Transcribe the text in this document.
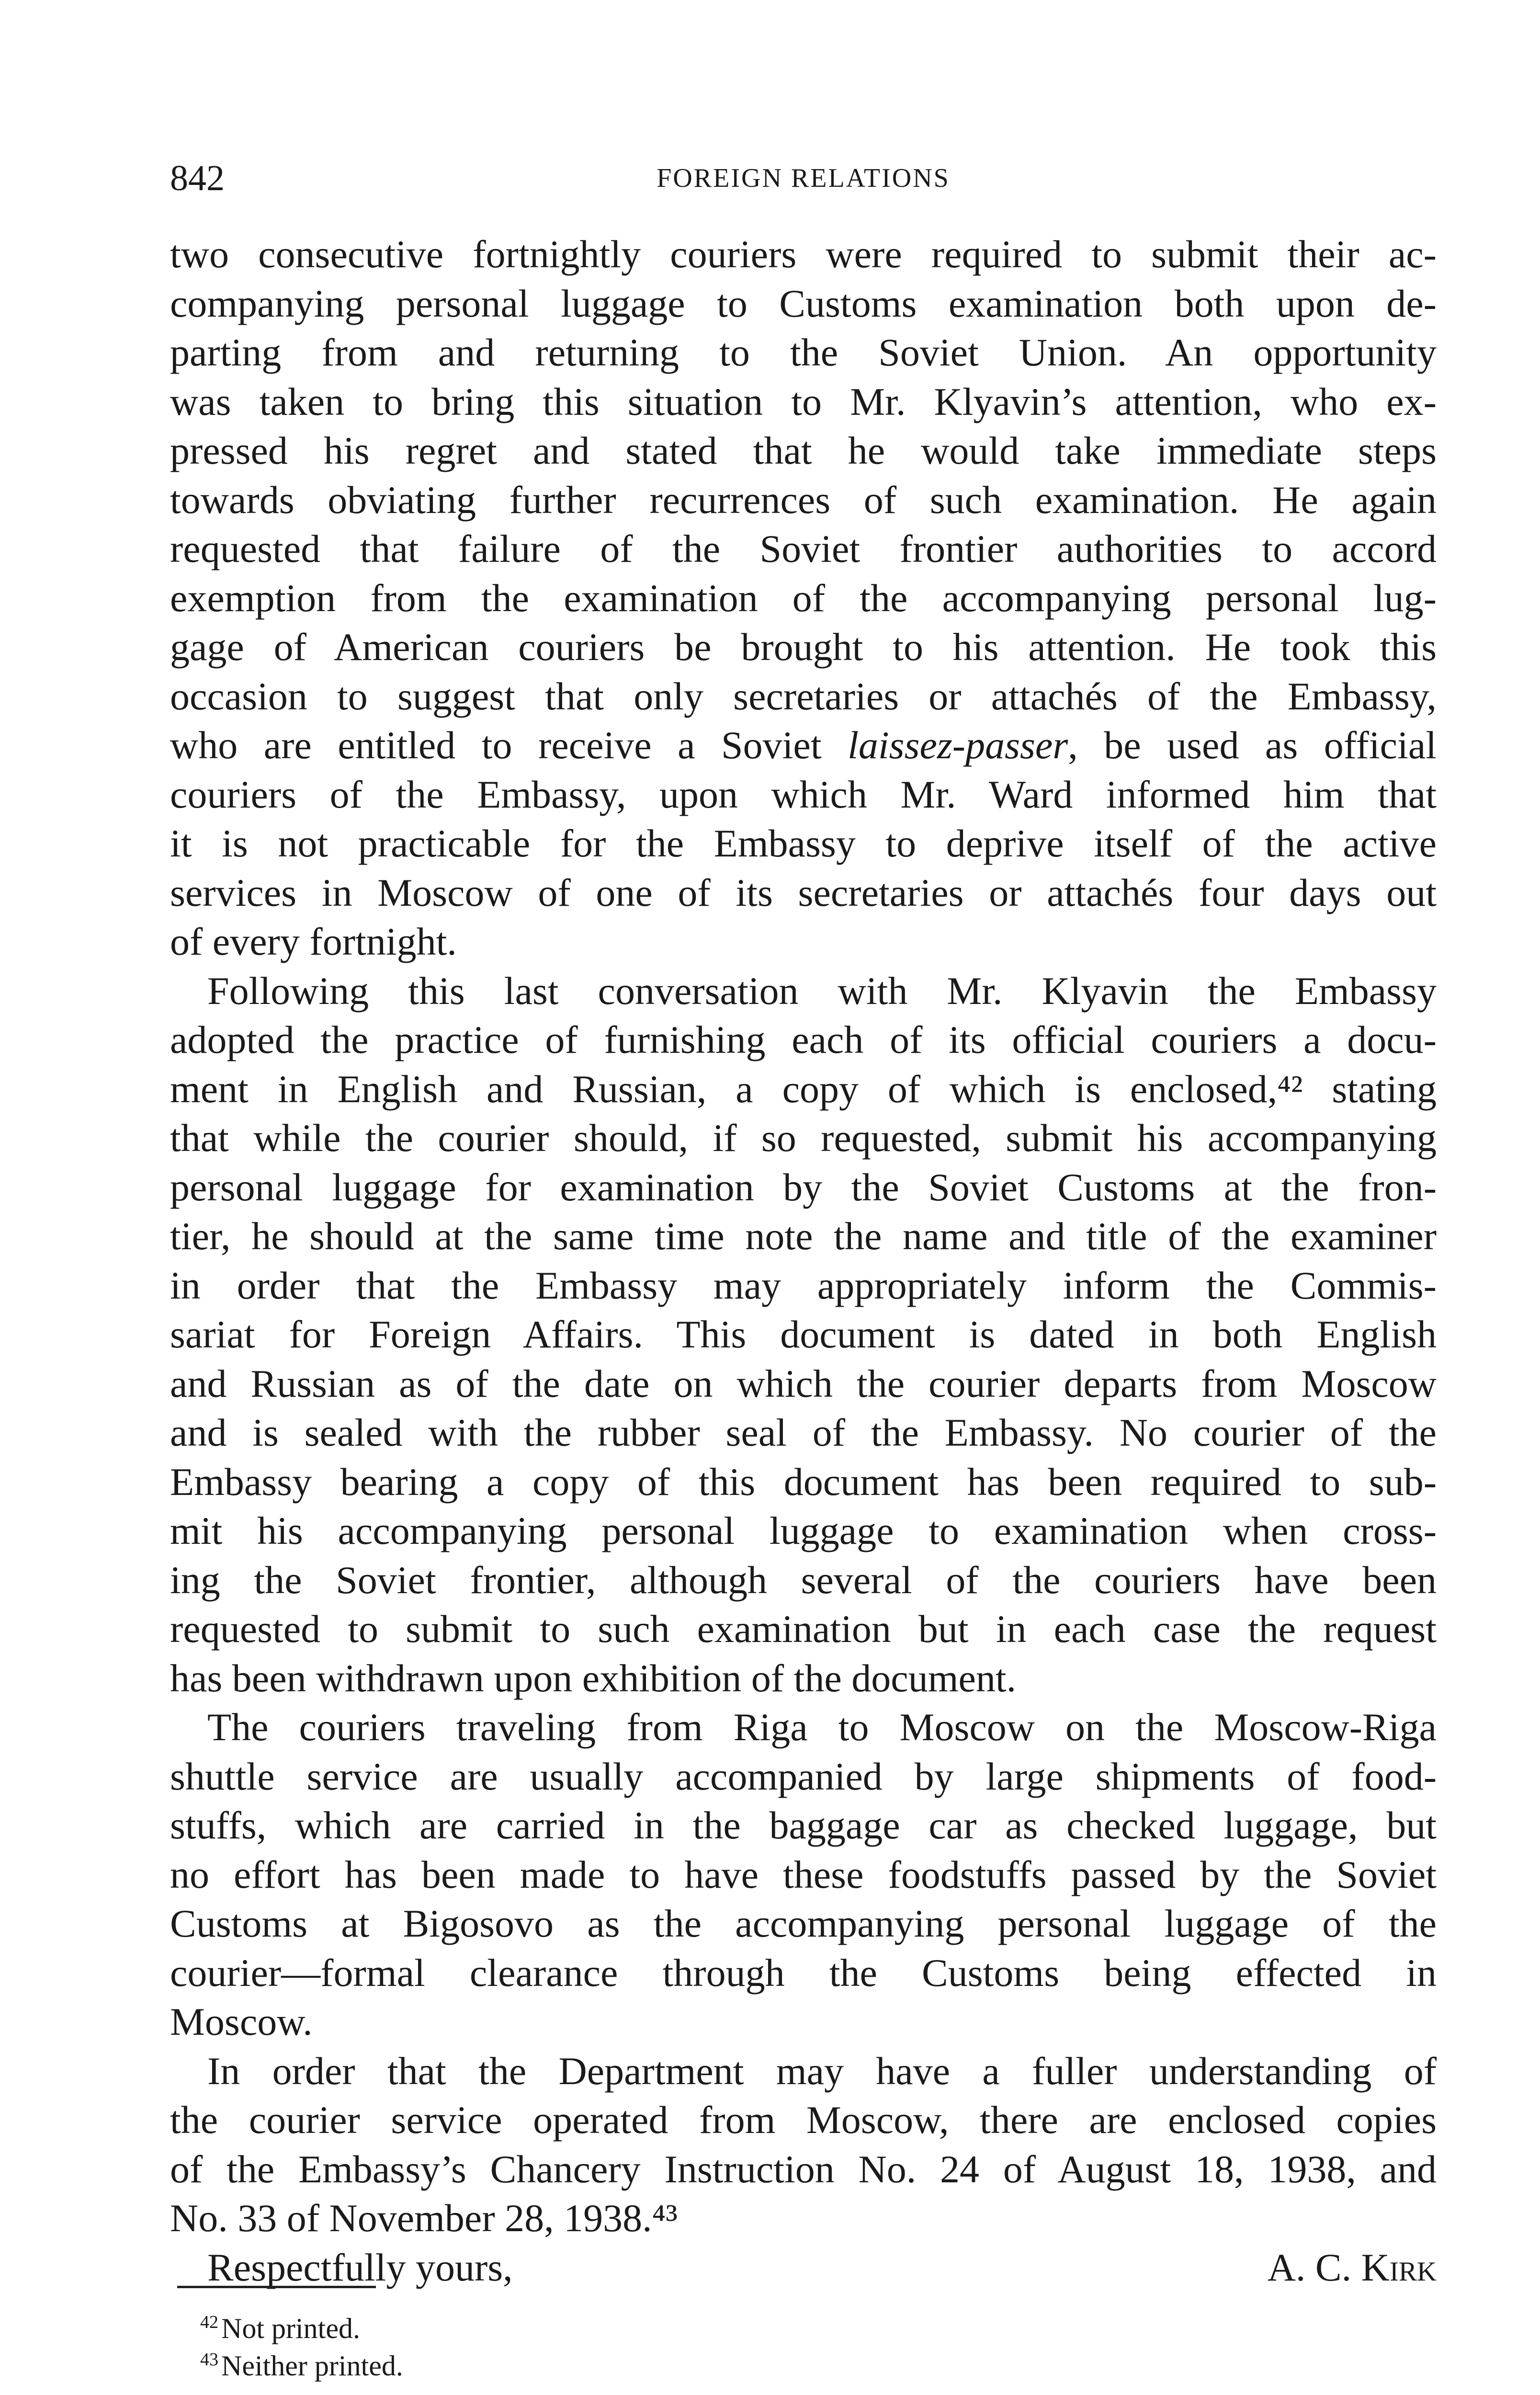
842	FOREIGN RELATIONS
two consecutive fortnightly couriers were required to submit their ac-
companying personal luggage to Customs examination both upon de-
parting from and returning to the Soviet Union. An opportunity
was taken to bring this situation to Mr. Klyavin’s attention, who ex-
pressed his regret and stated that he would take immediate steps
towards obviating further recurrences of such examination. He again
requested that failure of the Soviet frontier authorities to accord
exemption from the examination of the accompanying personal lug-
gage of American couriers be brought to his attention. He took this
occasion to suggest that only secretaries or attachés of the Embassy,
who are entitled to receive a Soviet laissez-passer, be used as official
couriers of the Embassy, upon which Mr. Ward informed him that
it is not practicable for the Embassy to deprive itself of the active
services in Moscow of one of its secretaries or attachés four days out
of every fortnight.
Following this last conversation with Mr. Klyavin the Embassy
adopted the practice of furnishing each of its official couriers a docu-
ment in English and Russian, a copy of which is enclosed,⁴² stating
that while the courier should, if so requested, submit his accompanying
personal luggage for examination by the Soviet Customs at the fron-
tier, he should at the same time note the name and title of the examiner
in order that the Embassy may appropriately inform the Commis-
sariat for Foreign Affairs. This document is dated in both English
and Russian as of the date on which the courier departs from Moscow
and is sealed with the rubber seal of the Embassy. No courier of the
Embassy bearing a copy of this document has been required to sub-
mit his accompanying personal luggage to examination when cross-
ing the Soviet frontier, although several of the couriers have been
requested to submit to such examination but in each case the request
has been withdrawn upon exhibition of the document.
The couriers traveling from Riga to Moscow on the Moscow-Riga
shuttle service are usually accompanied by large shipments of food-
stuffs, which are carried in the baggage car as checked luggage, but
no effort has been made to have these foodstuffs passed by the Soviet
Customs at Bigosovo as the accompanying personal luggage of the
courier—formal clearance through the Customs being effected in
Moscow.
In order that the Department may have a fuller understanding of
the courier service operated from Moscow, there are enclosed copies
of the Embassy’s Chancery Instruction No. 24 of August 18, 1938, and
No. 33 of November 28, 1938.⁴³
Respectfully yours,	A. C. Kirk
$^{42}$ Not printed.
$^{43}$ Neither printed.
